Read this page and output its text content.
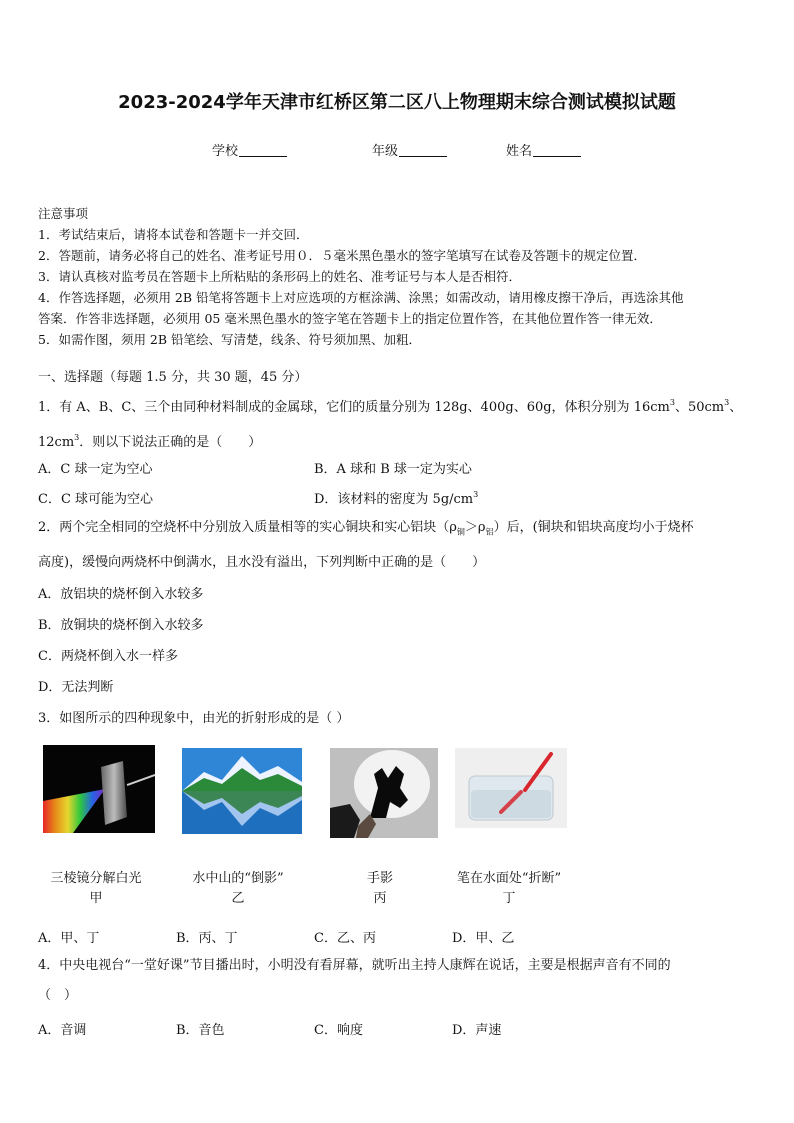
2023-2024学年天津市红桥区第二区八上物理期末综合测试模拟试题
学校	年级	姓名

注意事项

1．考试结束后，请将本试卷和答题卡一并交回．

2．答题前，请务必将自己的姓名、准考证号用０．５毫米黑色墨水的签字笔填写在试卷及答题卡的规定位置．

3．请认真核对监考员在答题卡上所粘贴的条形码上的姓名、准考证号与本人是否相符．

4．作答选择题，必须用 2B 铅笔将答题卡上对应选项的方框涂满、涂黑；如需改动，请用橡皮擦干净后，再选涂其他

答案．作答非选择题，必须用 05 毫米黑色墨水的签字笔在答题卡上的指定位置作答，在其他位置作答一律无效．

5．如需作图，须用 2B 铅笔绘、写清楚，线条、符号须加黑、加粗．

一、选择题（每题 1.5 分，共 30 题，45 分）

1．有 A、B、C、三个由同种材料制成的金属球，它们的质量分别为 128g、400g、60g，体积分别为 $16cm^3$、$50cm^3$、

$12cm^3$．则以下说法正确的是（　　）

A．C 球一定为空心	B．A 球和 B 球一定为实心
C．C 球可能为空心	D．该材料的密度为 $5g/cm^3$

2．两个完全相同的空烧杯中分别放入质量相等的实心铜块和实心铝块$(\rho_铜>\rho_铝)$后，(铜块和铝块高度均小于烧杯

高度)，缓慢向两烧杯中倒满水，且水没有溢出，下列判断中正确的是（　　）

A．放铝块的烧杯倒入水较多
B．放铜块的烧杯倒入水较多
C．两烧杯倒入水一样多
D．无法判断
3．如图所示的四种现象中，由光的折射形成的是（ ）
三棱镜分解白光
甲
水中山的“倒影”
乙
手影
丙
笔在水面处“折断”
丁
A．甲、丁	B．丙、丁	C．乙、丙	D．甲、乙

4．中央电视台“一堂好课”节目播出时，小明没有看屏幕，就听出主持人康辉在说话，主要是根据声音有不同的

（　）

A．音调	B．音色	C．响度	D．声速
